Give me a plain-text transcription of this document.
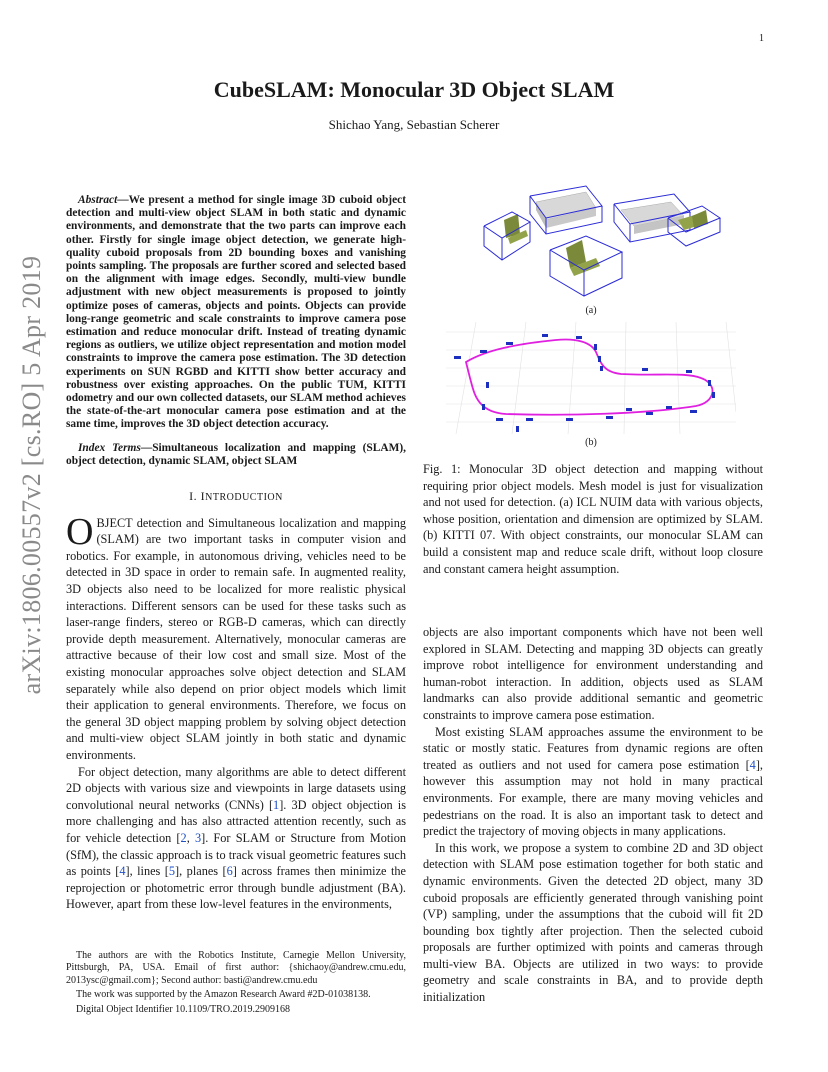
1
arXiv:1806.00557v2 [cs.RO] 5 Apr 2019
CubeSLAM: Monocular 3D Object SLAM
Shichao Yang, Sebastian Scherer

Abstract—We present a method for single image 3D cuboid object detection and multi-view object SLAM in both static and dynamic environments, and demonstrate that the two parts can improve each other. Firstly for single image object detection, we generate high-quality cuboid proposals from 2D bounding boxes and vanishing points sampling. The proposals are further scored and selected based on the alignment with image edges. Secondly, multi-view bundle adjustment with new object measurements is proposed to jointly optimize poses of cameras, objects and points. Objects can provide long-range geometric and scale constraints to improve camera pose estimation and reduce monocular drift. Instead of treating dynamic regions as outliers, we utilize object representation and motion model constraints to improve the camera pose estimation. The 3D detection experiments on SUN RGBD and KITTI show better accuracy and robustness over existing approaches. On the public TUM, KITTI odometry and our own collected datasets, our SLAM method achieves the state-of-the-art monocular camera pose estimation and at the same time, improves the 3D object detection accuracy.

Index Terms—Simultaneous localization and mapping (SLAM), object detection, dynamic SLAM, object SLAM

I. INTRODUCTION

OBJECT detection and Simultaneous localization and mapping (SLAM) are two important tasks in computer vision and robotics. For example, in autonomous driving, vehicles need to be detected in 3D space in order to remain safe. In augmented reality, 3D objects also need to be localized for more realistic physical interactions. Different sensors can be used for these tasks such as laser-range finders, stereo or RGB-D cameras, which can directly provide depth measurement. Alternatively, monocular cameras are attractive because of their low cost and small size. Most of the existing monocular approaches solve object detection and SLAM separately while also depend on prior object models which limit their application to general environments. Therefore, we focus on the general 3D object mapping problem by solving object detection and multi-view object SLAM jointly in both static and dynamic environments.

For object detection, many algorithms are able to detect different 2D objects with various size and viewpoints in large datasets using convolutional neural networks (CNNs) [1]. 3D object objection is more challenging and has also attracted attention recently, such as for vehicle detection [2, 3]. For SLAM or Structure from Motion (SfM), the classic approach is to track visual geometric features such as points [4], lines [5], planes [6] across frames then minimize the reprojection or photometric error through bundle adjustment (BA). However, apart from these low-level features in the environments,

The authors are with the Robotics Institute, Carnegie Mellon University, Pittsburgh, PA, USA. Email of first author: {shichaoy@andrew.cmu.edu, 2013ysc@gmail.com}; Second author: basti@andrew.cmu.edu

The work was supported by the Amazon Research Award #2D-01038138.

Digital Object Identifier 10.1109/TRO.2019.2909168

(a)
(b)
Fig. 1: Monocular 3D object detection and mapping without requiring prior object models. Mesh model is just for visualization and not used for detection. (a) ICL NUIM data with various objects, whose position, orientation and dimension are optimized by SLAM. (b) KITTI 07. With object constraints, our monocular SLAM can build a consistent map and reduce scale drift, without loop closure and constant camera height assumption.

objects are also important components which have not been well explored in SLAM. Detecting and mapping 3D objects can greatly improve robot intelligence for environment understanding and human-robot interaction. In addition, objects used as SLAM landmarks can also provide additional semantic and geometric constraints to improve camera pose estimation.

Most existing SLAM approaches assume the environment to be static or mostly static. Features from dynamic regions are often treated as outliers and not used for camera pose estimation [4], however this assumption may not hold in many practical environments. For example, there are many moving vehicles and pedestrians on the road. It is also an important task to detect and predict the trajectory of moving objects in many applications.

In this work, we propose a system to combine 2D and 3D object detection with SLAM pose estimation together for both static and dynamic environments. Given the detected 2D object, many 3D cuboid proposals are efficiently generated through vanishing point (VP) sampling, under the assumptions that the cuboid will fit 2D bounding box tightly after projection. Then the selected cuboid proposals are further optimized with points and cameras through multi-view BA. Objects are utilized in two ways: to provide geometry and scale constraints in BA, and to provide depth initialization
